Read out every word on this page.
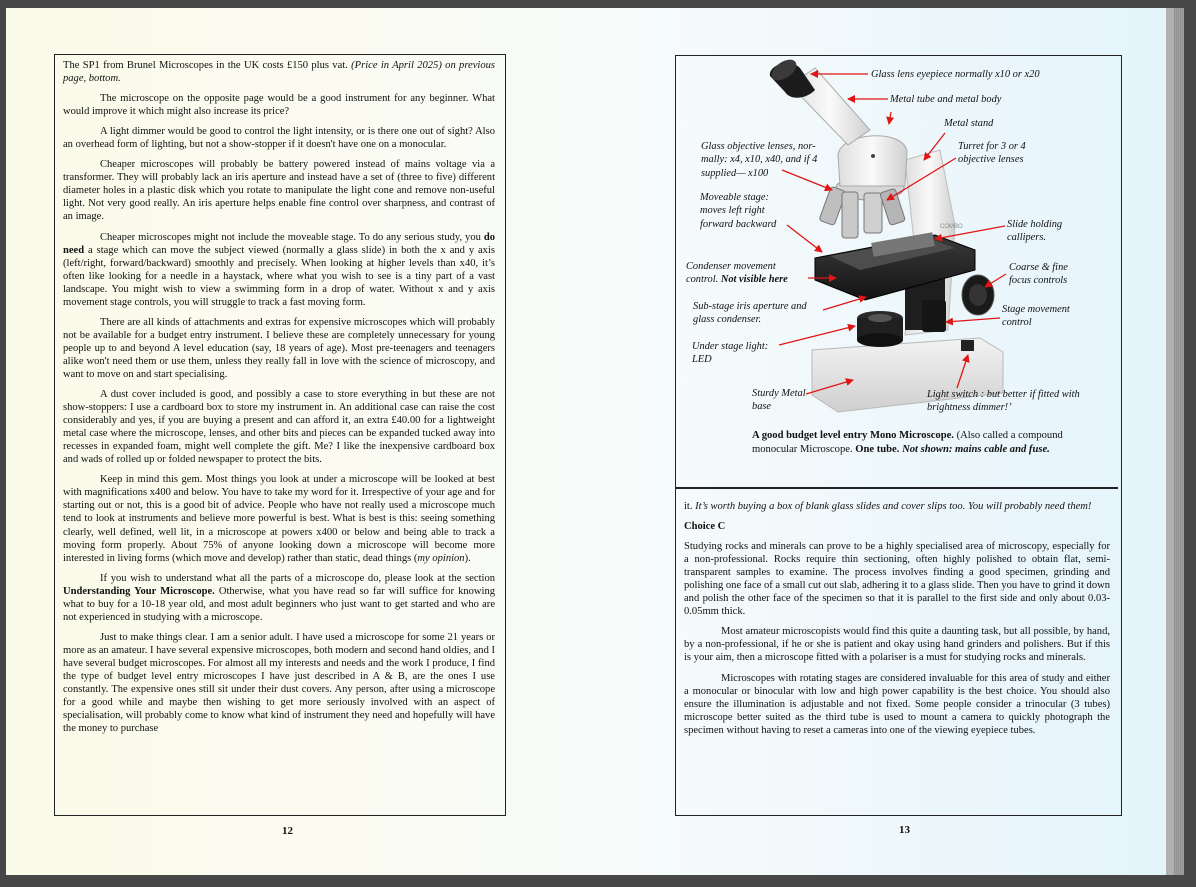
The SP1 from Brunel Microscopes in the UK costs £150 plus vat. (Price in April 2025) on previous page, bottom.

The microscope on the opposite page would be a good instrument for any beginner. What would improve it which might also increase its price?

A light dimmer would be good to control the light intensity, or is there one out of sight? Also an overhead form of lighting, but not a show-stopper if it doesn't have one on a monocular.

Cheaper microscopes will probably be battery powered instead of mains voltage via a transformer. They will probably lack an iris aperture and instead have a set of (three to five) different diameter holes in a plastic disk which you rotate to manipulate the light cone and remove non-useful light. Not very good really. An iris aperture helps enable fine control over sharpness, and contrast of an image.

Cheaper microscopes might not include the moveable stage. To do any serious study, you do need a stage which can move the subject viewed (normally a glass slide) in both the x and y axis (left/right, forward/backward) smoothly and precisely. When looking at higher levels than x40, it’s often like looking for a needle in a haystack, where what you wish to see is a tiny part of a vast landscape. You might wish to view a swimming form in a drop of water. Without x and y axis movement stage controls, you will struggle to track a fast moving form.

There are all kinds of attachments and extras for expensive microscopes which will probably not be available for a budget entry instrument. I believe these are completely unnecessary for young people up to and beyond A level education (say, 18 years of age). Most pre-teenagers and teenagers alike won't need them or use them, unless they really fall in love with the science of microscopy, and want to move on and start specialising.

A dust cover included is good, and possibly a case to store everything in but these are not show-stoppers: I use a cardboard box to store my instrument in. An additional case can raise the cost considerably and yes, if you are buying a present and can afford it, an extra £40.00 for a lightweight metal case where the microscope, lenses, and other bits and pieces can be expanded tucked away into recesses in expanded foam, might well complete the gift. Me? I like the inexpensive cardboard box and wads of rolled up or folded newspaper to protect the bits.

Keep in mind this gem. Most things you look at under a microscope will be looked at best with magnifications x400 and below. You have to take my word for it. Irrespective of your age and for starting out or not, this is a good bit of advice. People who have not really used a microscope much tend to look at instruments and believe more powerful is best. What is best is this: seeing something clearly, well defined, well lit, in a microscope at powers x400 or below and being able to track a moving form properly. About 75% of anyone looking down a microscope will become more interested in living forms (which move and develop) rather than static, dead things (my opinion).

If you wish to understand what all the parts of a microscope do, please look at the section Understanding Your Microscope. Otherwise, what you have read so far will suffice for knowing what to buy for a 10-18 year old, and most adult beginners who just want to get started and who are not experienced in studying with a microscope.

Just to make things clear. I am a senior adult. I have used a microscope for some 21 years or more as an amateur. I have several expensive microscopes, both modern and second hand oldies, and I have several budget microscopes. For almost all my interests and needs and the work I produce, I find the type of budget level entry microscopes I have just described in A & B, are the ones I use constantly. The expensive ones still sit under their dust covers. Any person, after using a microscope for a good while and maybe then wishing to get more seriously involved with an aspect of specialisation, will probably come to know what kind of instrument they need and hopefully will have the money to purchase

12
COMBO
Glass lens eyepiece normally x10 or x20
Metal tube and metal body
Metal stand
Turret for 3 or 4
objective lenses
Glass objective lenses, nor-
mally: x4, x10, x40, and if 4
supplied— x100
Moveable stage:
moves left right
forward backward	Slide holding
callipers.
Condenser movement
control. Not visible here
Coarse & fine
focus controls
Sub-stage iris aperture and
glass condenser.
Stage movement
control
Under stage light:
LED
Sturdy Metal
base
Light switch : but better if fitted with
brightness dimmer!’
A good budget level entry Mono Microscope. (Also called a compound monocular Microscope. One tube. Not shown: mains cable and fuse.

it. It’s worth buying a box of blank glass slides and cover slips too. You will probably need them!

Choice C

Studying rocks and minerals can prove to be a highly specialised area of microscopy, especially for a non-professional. Rocks require thin sectioning, often highly polished to obtain flat, semi-transparent samples to examine. The process involves finding a good specimen, grinding and polishing one face of a small cut out slab, adhering it to a glass slide. Then you have to grind it down and polish the other face of the specimen so that it is parallel to the first side and only about 0.03-0.05mm thick.

Most amateur microscopists would find this quite a daunting task, but all possible, by hand, by a non-professional, if he or she is patient and okay using hand grinders and polishers. But if this is your aim, then a microscope fitted with a polariser is a must for studying rocks and minerals.

Microscopes with rotating stages are considered invaluable for this area of study and either a monocular or binocular with low and high power capability is the best choice. You should also ensure the illumination is adjustable and not fixed. Some people consider a trinocular (3 tubes) microscope better suited as the third tube is used to mount a camera to quickly photograph the specimen without having to reset a cameras into one of the viewing eyepiece tubes.

13
